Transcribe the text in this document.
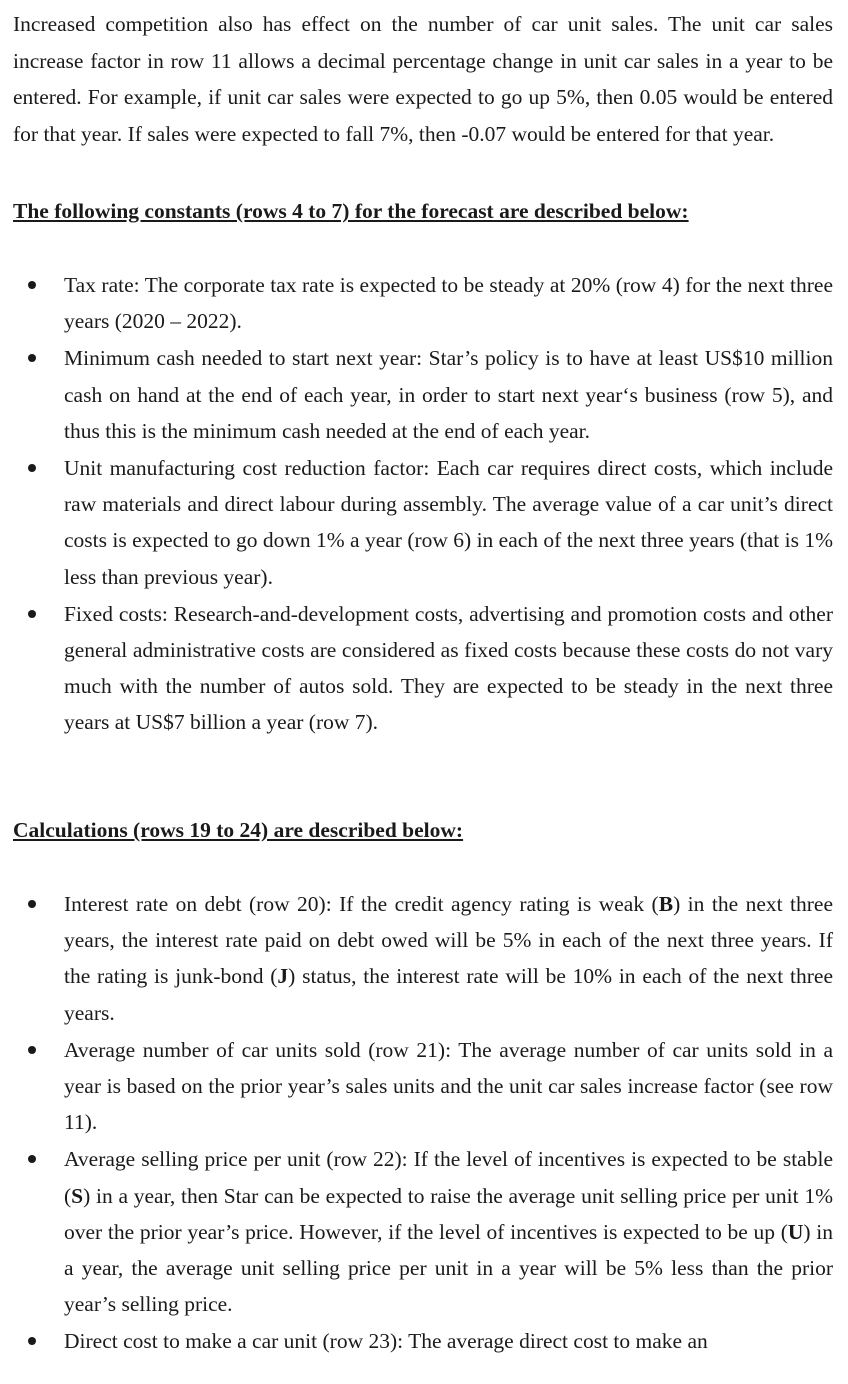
Increased competition also has effect on the number of car unit sales. The unit car sales increase factor in row 11 allows a decimal percentage change in unit car sales in a year to be entered. For example, if unit car sales were expected to go up 5%, then 0.05 would be entered for that year. If sales were expected to fall 7%, then -0.07 would be entered for that year.

The following constants (rows 4 to 7) for the forecast are described below:

Tax rate: The corporate tax rate is expected to be steady at 20% (row 4) for the next three years (2020 – 2022).
Minimum cash needed to start next year: Star’s policy is to have at least US$10 million cash on hand at the end of each year, in order to start next year‘s business (row 5), and thus this is the minimum cash needed at the end of each year.
Unit manufacturing cost reduction factor: Each car requires direct costs, which include raw materials and direct labour during assembly. The average value of a car unit’s direct costs is expected to go down 1% a year (row 6) in each of the next three years (that is 1% less than previous year).
Fixed costs: Research-and-development costs, advertising and promotion costs and other general administrative costs are considered as fixed costs because these costs do not vary much with the number of autos sold. They are expected to be steady in the next three years at US$7 billion a year (row 7).

Calculations (rows 19 to 24) are described below:

Interest rate on debt (row 20): If the credit agency rating is weak (B) in the next three years, the interest rate paid on debt owed will be 5% in each of the next three years. If the rating is junk-bond (J) status, the interest rate will be 10% in each of the next three years.
Average number of car units sold (row 21): The average number of car units sold in a year is based on the prior year’s sales units and the unit car sales increase factor (see row 11).
Average selling price per unit (row 22): If the level of incentives is expected to be stable (S) in a year, then Star can be expected to raise the average unit selling price per unit 1% over the prior year’s price. However, if the level of incentives is expected to be up (U) in a year, the average unit selling price per unit in a year will be 5% less than the prior year’s selling price.
Direct cost to make a car unit (row 23): The average direct cost to make an
